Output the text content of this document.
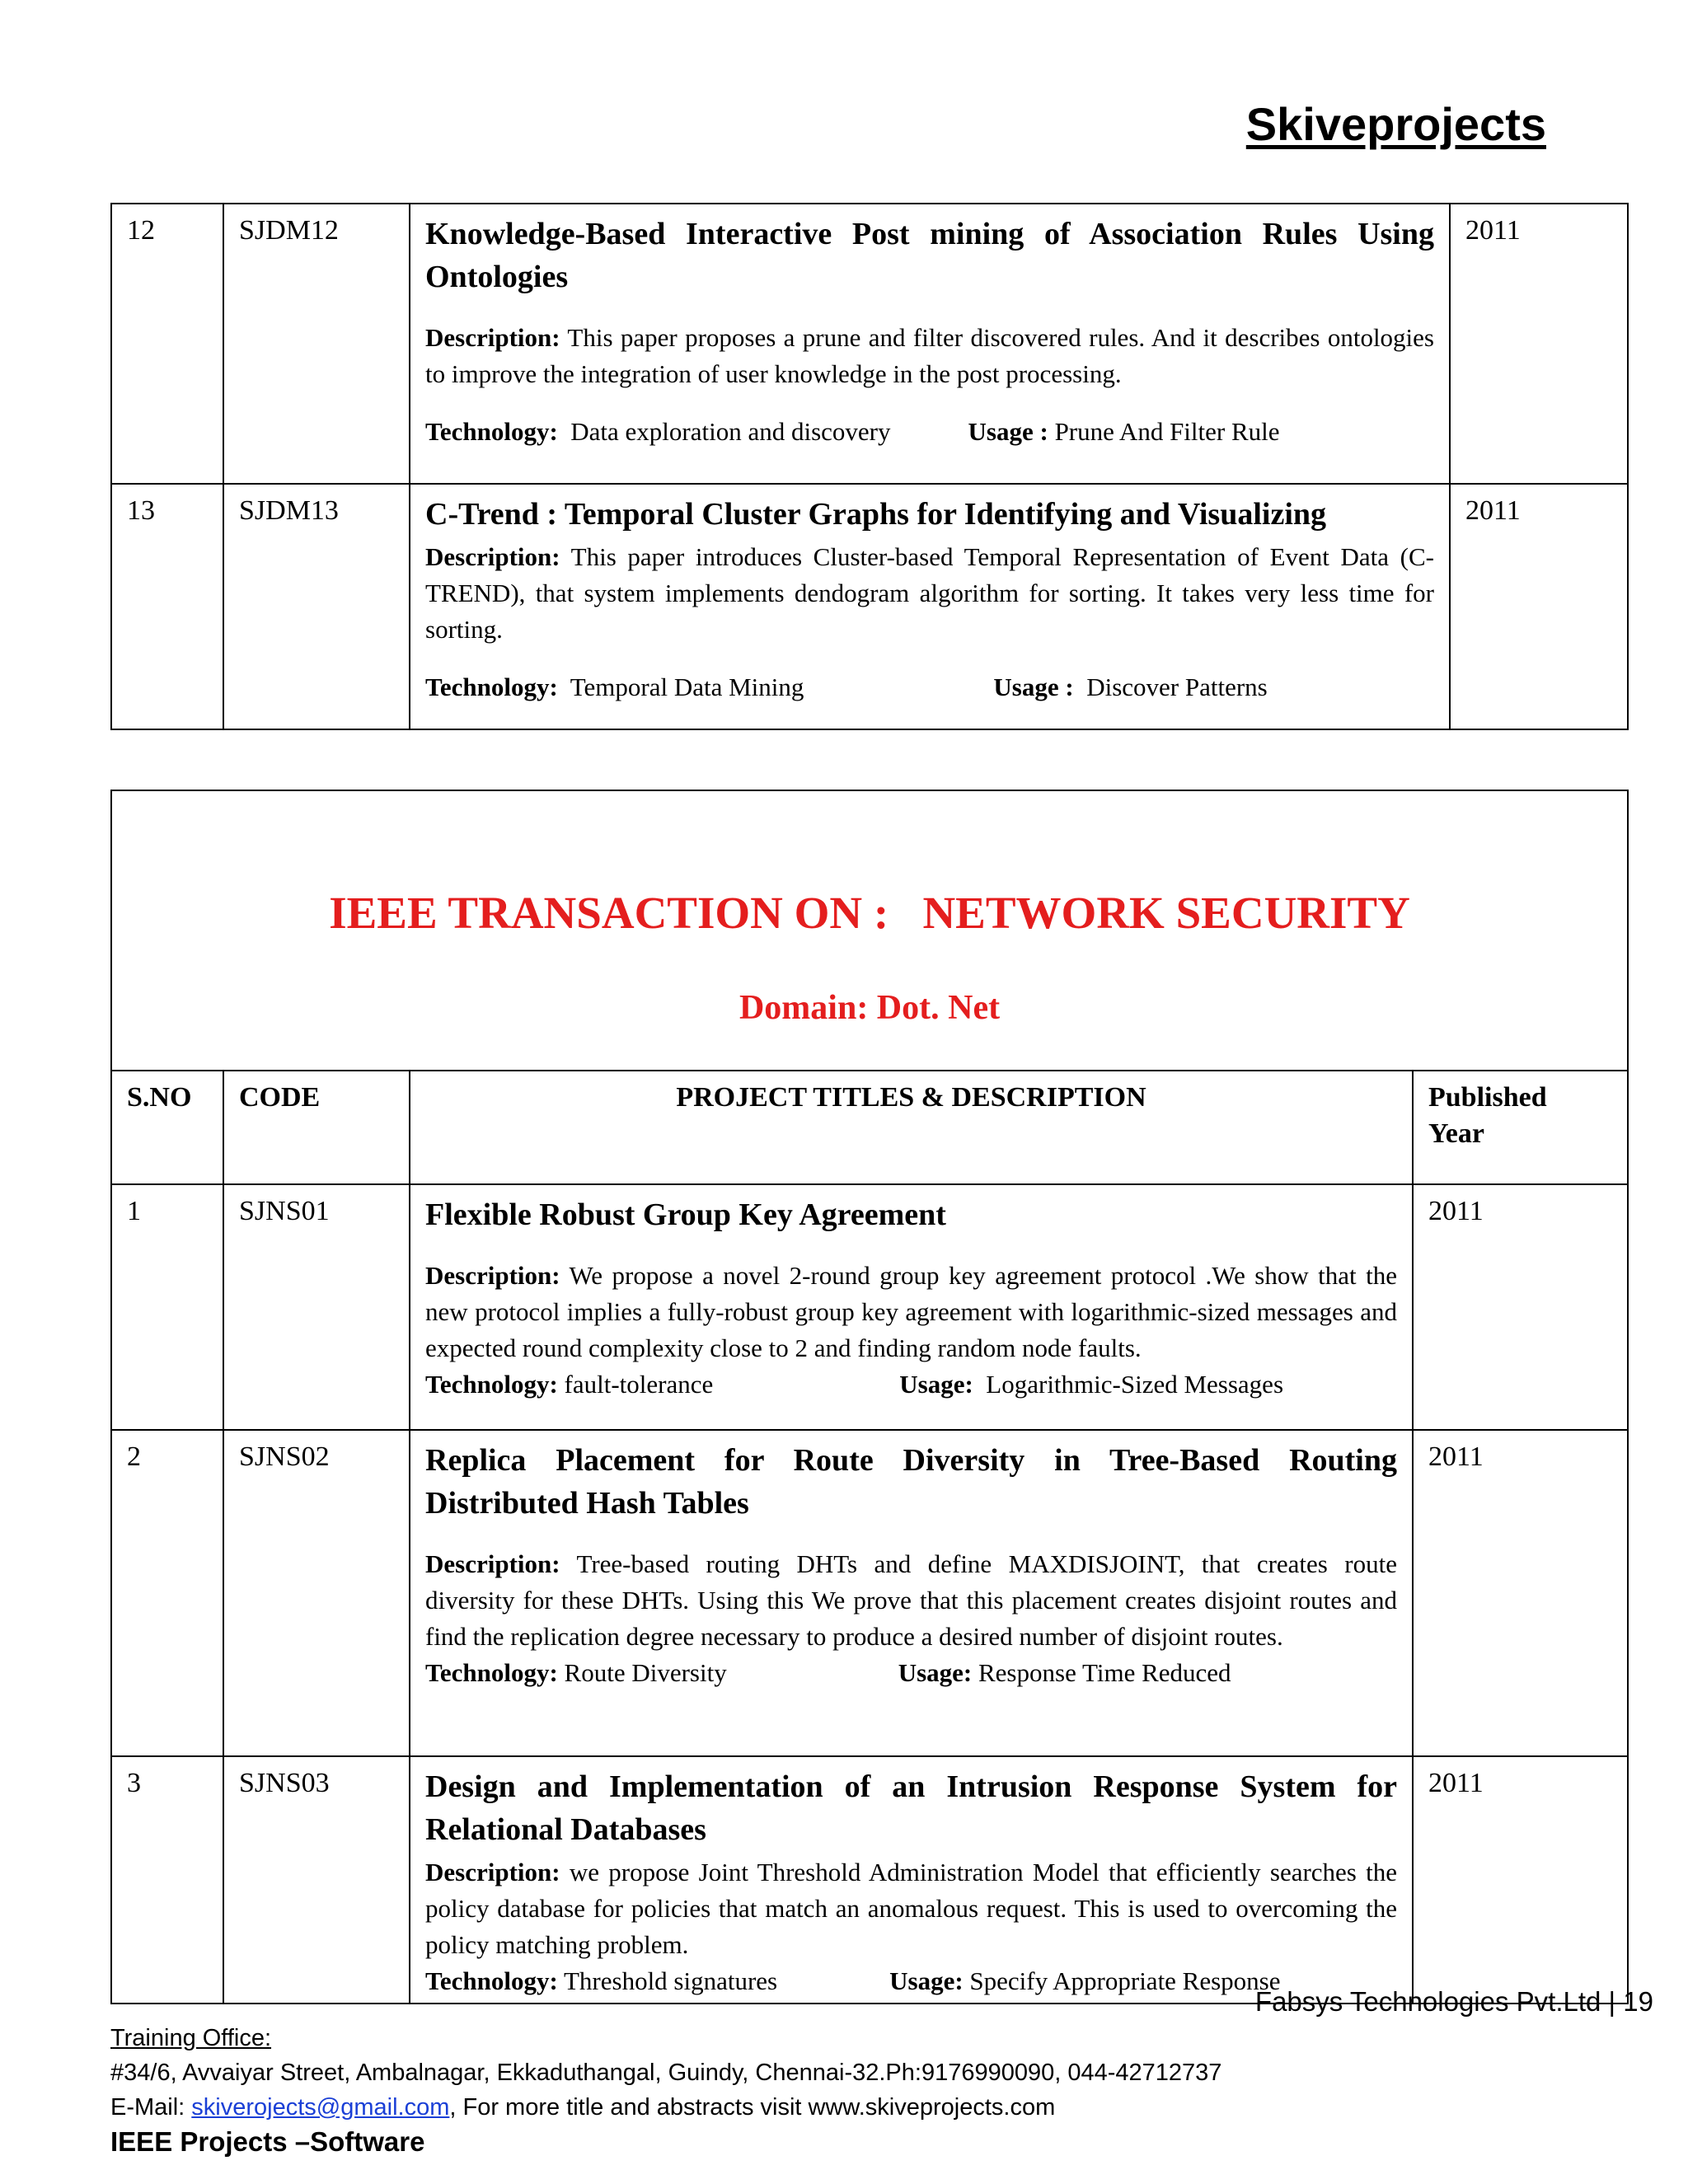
Skiveprojects
12	SJDM12	Knowledge-Based Interactive Post mining of Association Rules Using Ontologies

Description: This paper proposes a prune and filter discovered rules. And it describes ontologies to improve the integration of user knowledge in the post processing.

Technology: Data exploration and discovery Usage : Prune And Filter Rule	2011
13	SJDM13	C-Trend : Temporal Cluster Graphs for Identifying and Visualizing

Description: This paper introduces Cluster-based Temporal Representation of Event Data (C-TREND), that system implements dendogram algorithm for sorting. It takes very less time for sorting.

Technology: Temporal Data Mining Usage : Discover Patterns	2011
IEEE TRANSACTION ON :   NETWORK SECURITY
Domain: Dot. Net			

S.NO	CODE	PROJECT TITLES & DESCRIPTION	Published
Year
1	SJNS01	Flexible Robust Group Key Agreement

Description: We propose a novel 2-round group key agreement protocol .We show that the new protocol implies a fully-robust group key agreement with logarithmic-sized messages and expected round complexity close to 2 and finding random node faults.

Technology: fault-tolerance Usage: Logarithmic-Sized Messages	2011
2	SJNS02	Replica Placement for Route Diversity in Tree-Based Routing Distributed Hash Tables

Description: Tree-based routing DHTs and define MAXDISJOINT, that creates route diversity for these DHTs. Using this We prove that this placement creates disjoint routes and find the replication degree necessary to produce a desired number of disjoint routes.

Technology: Route Diversity Usage: Response Time Reduced	2011
3	SJNS03	Design and Implementation of an Intrusion Response System for Relational Databases

Description: we propose Joint Threshold Administration Model that efficiently searches the policy database for policies that match an anomalous request. This is used to overcoming the policy matching problem.

Technology: Threshold signatures Usage: Specify Appropriate Response	2011
Fabsys Technologies Pvt.Ltd | 19
Training Office:
#34/6, Avvaiyar Street, Ambalnagar, Ekkaduthangal, Guindy, Chennai-32.Ph:9176990090, 044-42712737
E-Mail: skiverojects@gmail.com, For more title and abstracts visit www.skiveprojects.com
IEEE Projects –Software
